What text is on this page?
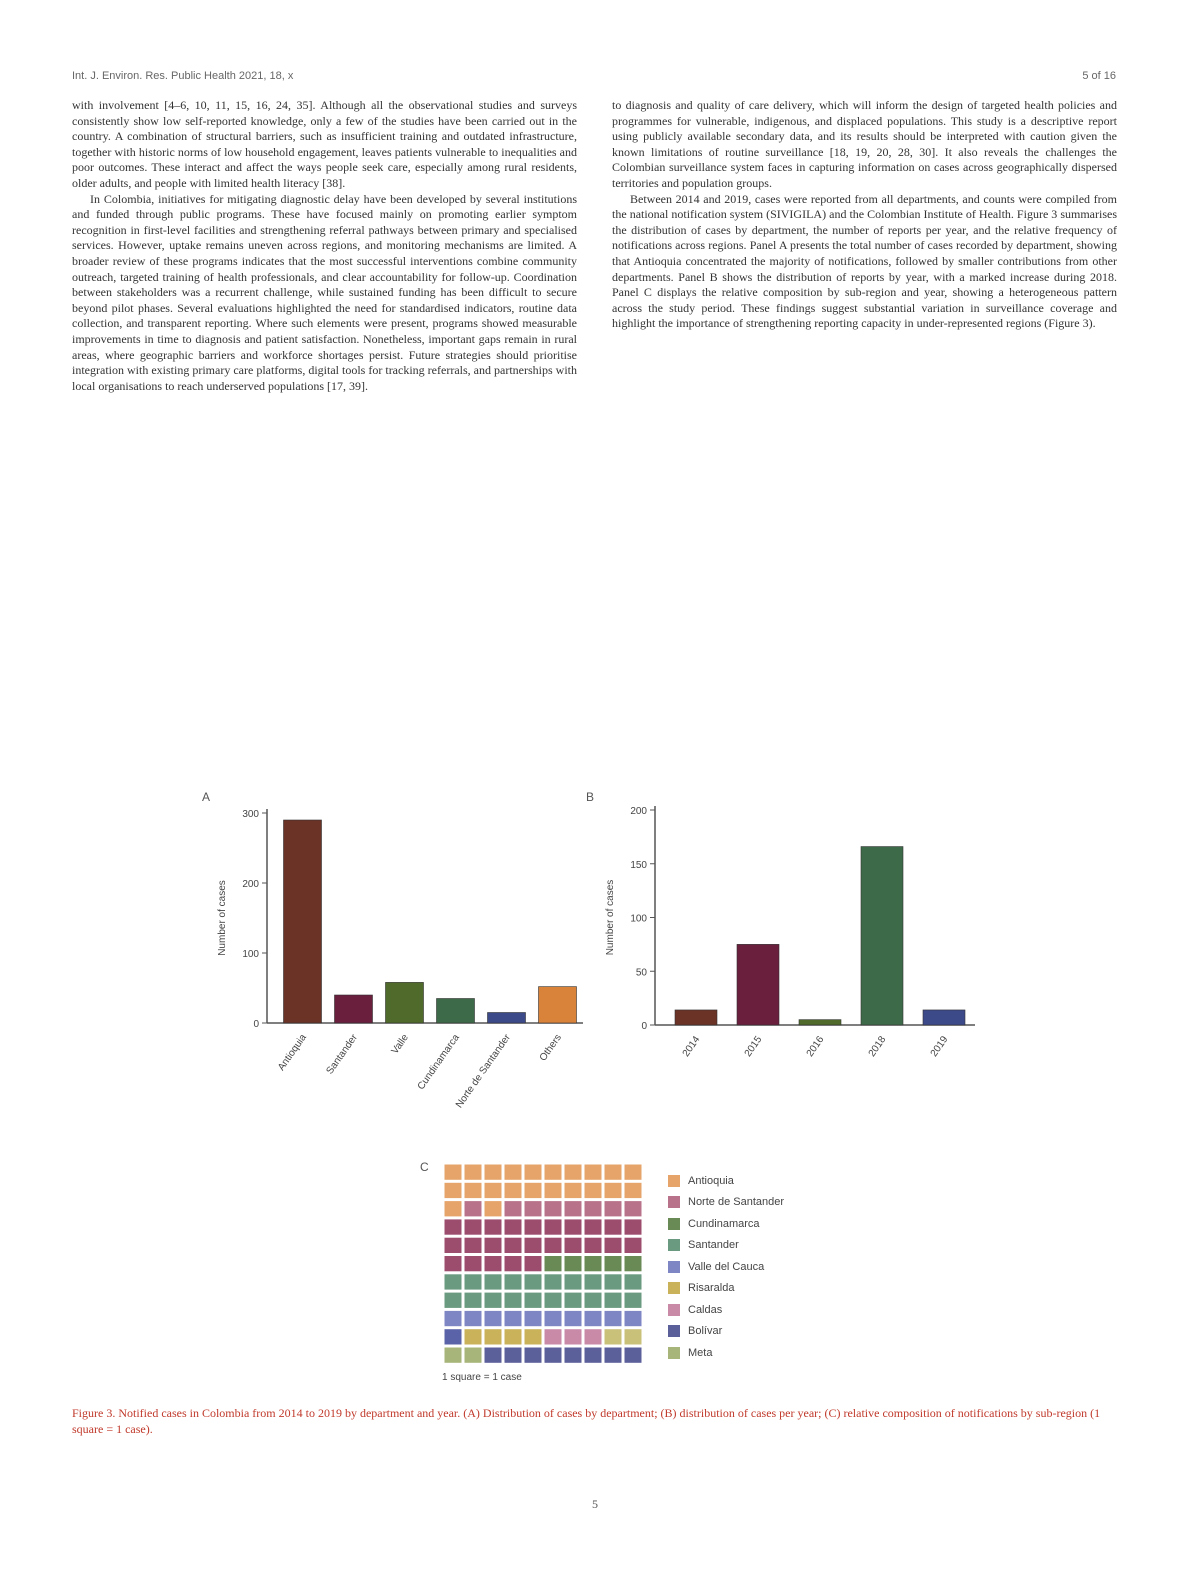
Int. J. Environ. Res. Public Health 2021, 18, x	5 of 16

with involvement [4–6, 10, 11, 15, 16, 24, 35]. Although all the observational studies and surveys consistently show low self-reported knowledge, only a few of the studies have been carried out in the country. A combination of structural barriers, such as insufficient training and outdated infrastructure, together with historic norms of low household engagement, leaves patients vulnerable to inequalities and poor outcomes. These interact and affect the ways people seek care, especially among rural residents, older adults, and people with limited health literacy [38].

In Colombia, initiatives for mitigating diagnostic delay have been developed by several institutions and funded through public programs. These have focused mainly on promoting earlier symptom recognition in first-level facilities and strengthening referral pathways between primary and specialised services. However, uptake remains uneven across regions, and monitoring mechanisms are limited. A broader review of these programs indicates that the most successful interventions combine community outreach, targeted training of health professionals, and clear accountability for follow-up. Coordination between stakeholders was a recurrent challenge, while sustained funding has been difficult to secure beyond pilot phases. Several evaluations highlighted the need for standardised indicators, routine data collection, and transparent reporting. Where such elements were present, programs showed measurable improvements in time to diagnosis and patient satisfaction. Nonetheless, important gaps remain in rural areas, where geographic barriers and workforce shortages persist. Future strategies should prioritise integration with existing primary care platforms, digital tools for tracking referrals, and partnerships with local organisations to reach underserved populations [17, 39].

to diagnosis and quality of care delivery, which will inform the design of targeted health policies and programmes for vulnerable, indigenous, and displaced populations. This study is a descriptive report using publicly available secondary data, and its results should be interpreted with caution given the known limitations of routine surveillance [18, 19, 20, 28, 30]. It also reveals the challenges the Colombian surveillance system faces in capturing information on cases across geographically dispersed territories and population groups.

Between 2014 and 2019, cases were reported from all departments, and counts were compiled from the national notification system (SIVIGILA) and the Colombian Institute of Health. Figure 3 summarises the distribution of cases by department, the number of reports per year, and the relative frequency of notifications across regions. Panel A presents the total number of cases recorded by department, showing that Antioquia concentrated the majority of notifications, followed by smaller contributions from other departments. Panel B shows the distribution of reports by year, with a marked increase during 2018. Panel C displays the relative composition by sub-region and year, showing a heterogeneous pattern across the study period. These findings suggest substantial variation in surveillance coverage and highlight the importance of strengthening reporting capacity in under-represented regions (Figure 3).

A	B
C
0
100
200
300
Number of cases
Antioquia Santander	Valle Cundinamarca
Norte de Santander Others
0
50
100
150
200
Number of cases
2014	2015	2016	2018	2019
1 square = 1 case
Antioquia
Norte de Santander
Cundinamarca
Santander
Valle del Cauca
Risaralda
Caldas
Bolívar
Meta
Figure 3. Notified cases in Colombia from 2014 to 2019 by department and year. (A) Distribution of cases by department; (B) distribution of cases per year; (C) relative composition of notifications by sub-region (1 square = 1 case).
5
